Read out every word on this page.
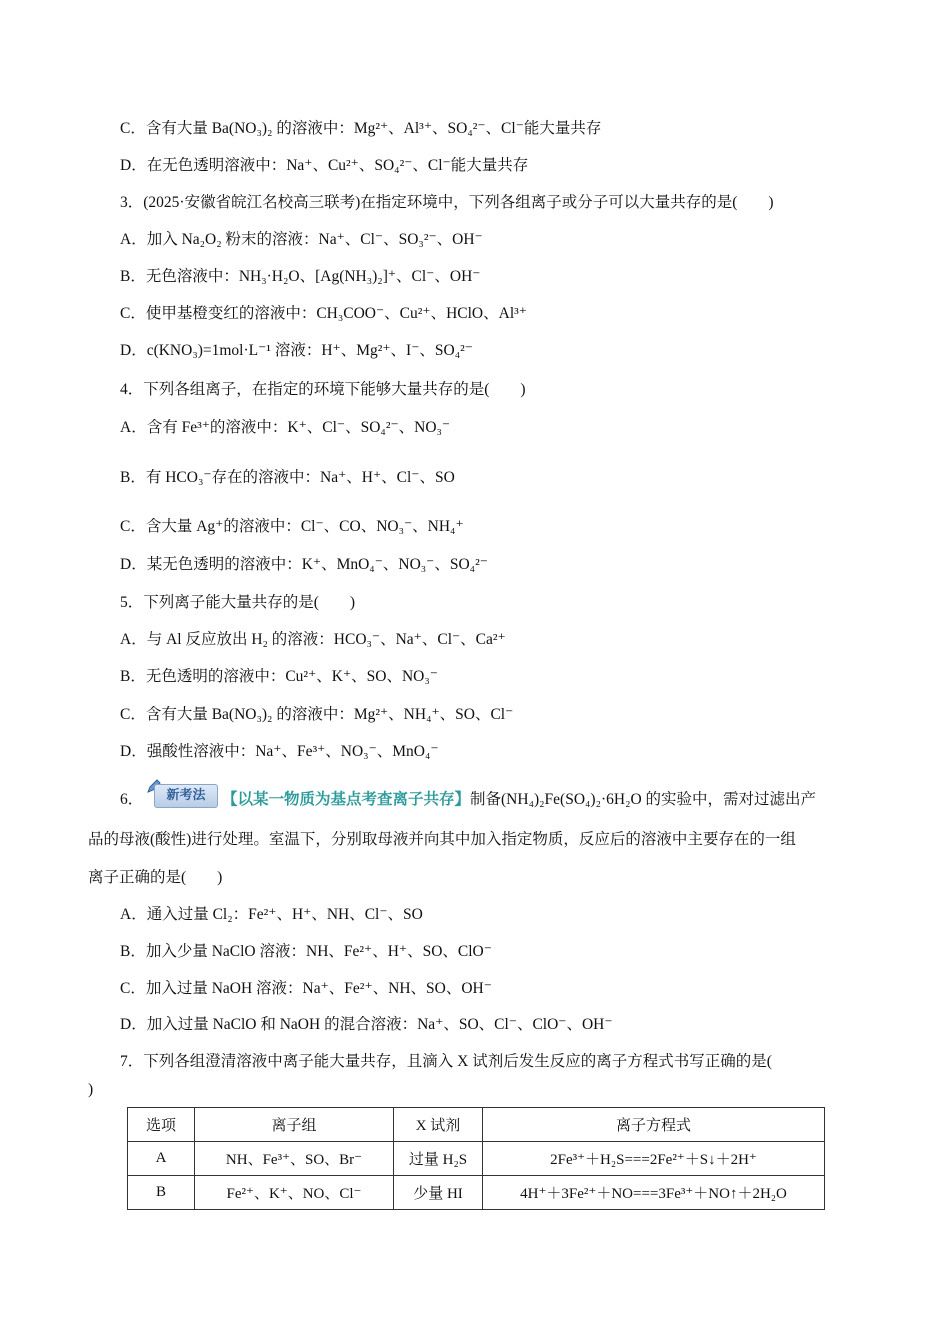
C．含有大量 Ba(NO₃)₂ 的溶液中：Mg²⁺、Al³⁺、SO₄²⁻、Cl⁻能大量共存
D．在无色透明溶液中：Na⁺、Cu²⁺、SO₄²⁻、Cl⁻能大量共存
3．(2025·安徽省皖江名校高三联考)在指定环境中，下列各组离子或分子可以大量共存的是(　　)
A．加入 Na₂O₂ 粉末的溶液：Na⁺、Cl⁻、SO₃²⁻、OH⁻
B．无色溶液中：NH₃·H₂O、[Ag(NH₃)₂]⁺、Cl⁻、OH⁻
C．使甲基橙变红的溶液中：CH₃COO⁻、Cu²⁺、HClO、Al³⁺
D．c(KNO₃)=1mol·L⁻¹ 溶液：H⁺、Mg²⁺、I⁻、SO₄²⁻
4．下列各组离子，在指定的环境下能够大量共存的是(　　)
A．含有 Fe³⁺的溶液中：K⁺、Cl⁻、SO₄²⁻、NO₃⁻
B．有 HCO₃⁻存在的溶液中：Na⁺、H⁺、Cl⁻、SO
C．含大量 Ag⁺的溶液中：Cl⁻、CO、NO₃⁻、NH₄⁺
D．某无色透明的溶液中：K⁺、MnO₄⁻、NO₃⁻、SO₄²⁻
5．下列离子能大量共存的是(　　)
A．与 Al 反应放出 H₂ 的溶液：HCO₃⁻、Na⁺、Cl⁻、Ca²⁺
B．无色透明的溶液中：Cu²⁺、K⁺、SO、NO₃⁻
C．含有大量 Ba(NO₃)₂ 的溶液中：Mg²⁺、NH₄⁺、SO、Cl⁻
D．强酸性溶液中：Na⁺、Fe³⁺、NO₃⁻、MnO₄⁻
6．	新考法	【以某一物质为基点考查离子共存】制备(NH₄)₂Fe(SO₄)₂·6H₂O 的实验中，需对过滤出产
品的母液(酸性)进行处理。室温下，分别取母液并向其中加入指定物质，反应后的溶液中主要存在的一组
离子正确的是(　　)
A．通入过量 Cl₂：Fe²⁺、H⁺、NH、Cl⁻、SO
B．加入少量 NaClO 溶液：NH、Fe²⁺、H⁺、SO、ClO⁻
C．加入过量 NaOH 溶液：Na⁺、Fe²⁺、NH、SO、OH⁻
D．加入过量 NaClO 和 NaOH 的混合溶液：Na⁺、SO、Cl⁻、ClO⁻、OH⁻
7．下列各组澄清溶液中离子能大量共存，且滴入 X 试剂后发生反应的离子方程式书写正确的是(
)
选项	离子组	X 试剂	离子方程式
A	NH、Fe³⁺、SO、Br⁻	过量 H₂S	2Fe³⁺＋H₂S===2Fe²⁺＋S↓＋2H⁺
B	Fe²⁺、K⁺、NO、Cl⁻	少量 HI	4H⁺＋3Fe²⁺＋NO===3Fe³⁺＋NO↑＋2H₂O
